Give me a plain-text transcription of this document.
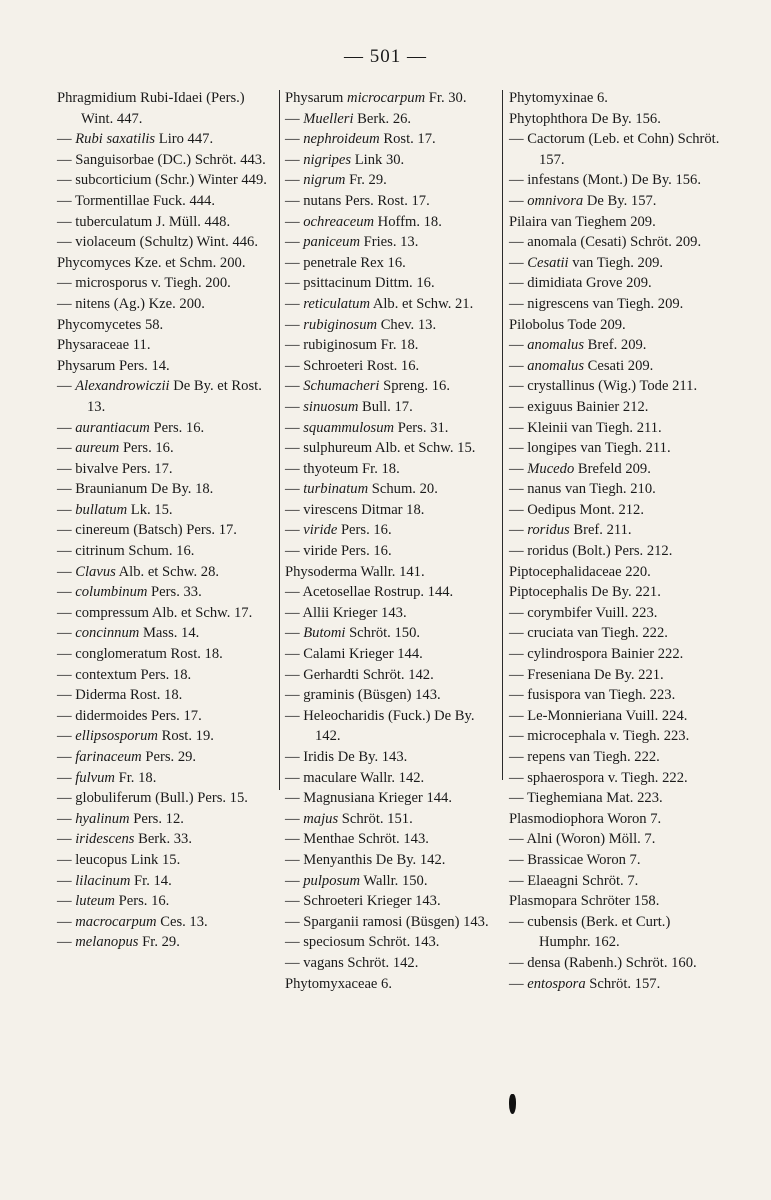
— 501 —
Phragmidium Rubi-Idaei (Pers.) Wint. 447.
— Rubi saxatilis Liro 447.
— Sanguisorbae (DC.) Schröt. 443.
— subcorticium (Schr.) Winter 449.
— Tormentillae Fuck. 444.
— tuberculatum J. Müll. 448.
— violaceum (Schultz) Wint. 446.
Phycomyces Kze. et Schm. 200.
— microsporus v. Tiegh. 200.
— nitens (Ag.) Kze. 200.
Phycomycetes 58.
Physaraceae 11.
Physarum Pers. 14.
— Alexandrowiczii De By. et Rost. 13.
— aurantiacum Pers. 16.
— aureum Pers. 16.
— bivalve Pers. 17.
— Braunianum De By. 18.
— bullatum Lk. 15.
— cinereum (Batsch) Pers. 17.
— citrinum Schum. 16.
— Clavus Alb. et Schw. 28.
— columbinum Pers. 33.
— compressum Alb. et Schw. 17.
— concinnum Mass. 14.
— conglomeratum Rost. 18.
— contextum Pers. 18.
— Diderma Rost. 18.
— didermoides Pers. 17.
— ellipsosporum Rost. 19.
— farinaceum Pers. 29.
— fulvum Fr. 18.
— globuliferum (Bull.) Pers. 15.
— hyalinum Pers. 12.
— iridescens Berk. 33.
— leucopus Link 15.
— lilacinum Fr. 14.
— luteum Pers. 16.
— macrocarpum Ces. 13.
— melanopus Fr. 29.
Physarum microcarpum Fr. 30.
— Muelleri Berk. 26.
— nephroideum Rost. 17.
— nigripes Link 30.
— nigrum Fr. 29.
— nutans Pers. Rost. 17.
— ochreaceum Hoffm. 18.
— paniceum Fries. 13.
— penetrale Rex 16.
— psittacinum Dittm. 16.
— reticulatum Alb. et Schw. 21.
— rubiginosum Chev. 13.
— rubiginosum Fr. 18.
— Schroeteri Rost. 16.
— Schumacheri Spreng. 16.
— sinuosum Bull. 17.
— squammulosum Pers. 31.
— sulphureum Alb. et Schw. 15.
— thyoteum Fr. 18.
— turbinatum Schum. 20.
— virescens Ditmar 18.
— viride Pers. 16.
— viride Pers. 16.
Physoderma Wallr. 141.
— Acetosellae Rostrup. 144.
— Allii Krieger 143.
— Butomi Schröt. 150.
— Calami Krieger 144.
— Gerhardti Schröt. 142.
— graminis (Büsgen) 143.
— Heleocharidis (Fuck.) De By. 142.
— Iridis De By. 143.
— maculare Wallr. 142.
— Magnusiana Krieger 144.
— majus Schröt. 151.
— Menthae Schröt. 143.
— Menyanthis De By. 142.
— pulposum Wallr. 150.
— Schroeteri Krieger 143.
— Sparganii ramosi (Büsgen) 143.
— speciosum Schröt. 143.
— vagans Schröt. 142.
Phytomyxaceae 6.
Phytomyxinae 6.
Phytophthora De By. 156.
— Cactorum (Leb. et Cohn) Schröt. 157.
— infestans (Mont.) De By. 156.
— omnivora De By. 157.
Pilaira van Tieghem 209.
— anomala (Cesati) Schröt. 209.
— Cesatii van Tiegh. 209.
— dimidiata Grove 209.
— nigrescens van Tiegh. 209.
Pilobolus Tode 209.
— anomalus Bref. 209.
— anomalus Cesati 209.
— crystallinus (Wig.) Tode 211.
— exiguus Bainier 212.
— Kleinii van Tiegh. 211.
— longipes van Tiegh. 211.
— Mucedo Brefeld 209.
— nanus van Tiegh. 210.
— Oedipus Mont. 212.
— roridus Bref. 211.
— roridus (Bolt.) Pers. 212.
Piptocephalidaceae 220.
Piptocephalis De By. 221.
— corymbifer Vuill. 223.
— cruciata van Tiegh. 222.
— cylindrospora Bainier 222.
— Freseniana De By. 221.
— fusispora van Tiegh. 223.
— Le-Monnieriana Vuill. 224.
— microcephala v. Tiegh. 223.
— repens van Tiegh. 222.
— sphaerospora v. Tiegh. 222.
— Tieghemiana Mat. 223.
Plasmodiophora Woron 7.
— Alni (Woron) Möll. 7.
— Brassicae Woron 7.
— Elaeagni Schröt. 7.
Plasmopara Schröter 158.
— cubensis (Berk. et Curt.) Humphr. 162.
— densa (Rabenh.) Schröt. 160.
— entospora Schröt. 157.
